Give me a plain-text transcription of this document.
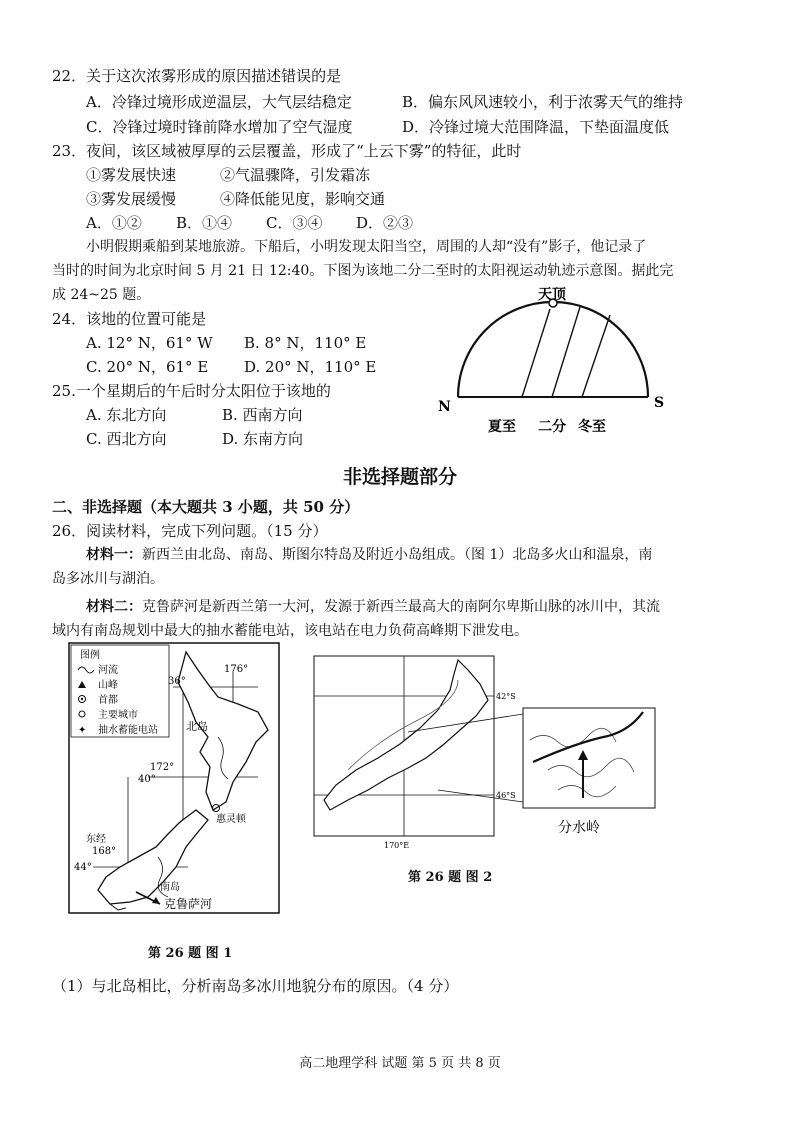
22．关于这次浓雾形成的原因描述错误的是
A．冷锋过境形成逆温层，大气层结稳定	B．偏东风风速较小，利于浓雾天气的维持
C．冷锋过境时锋前降水增加了空气湿度	D．冷锋过境大范围降温，下垫面温度低
23．夜间，该区域被厚厚的云层覆盖，形成了“上云下雾”的特征，此时
①雾发展快速	②气温骤降，引发霜冻
③雾发展缓慢	④降低能见度，影响交通
A．①② B．①④ C．③④ D．②③
小明假期乘船到某地旅游。下船后，小明发现太阳当空，周围的人却“没有”影子，他记录了
当时的时间为北京时间 5 月 21 日 12:40。下图为该地二分二至时的太阳视运动轨迹示意图。据此完
成 24~25 题。
24．该地的位置可能是
A. 12° N，61° W B. 8° N，110° E
C. 20° N，61° E D. 20° N，110° E
25.一个星期后的午后时分太阳位于该地的
A. 东北方向	B. 西南方向
C. 西北方向	D. 东南方向
天顶
N	S
夏至 二分 冬至
非选择题部分
二、非选择题（本大题共 3 小题，共 50 分）
26．阅读材料，完成下列问题。（15 分）
材料一：新西兰由北岛、南岛、斯图尔特岛及附近小岛组成。（图 1）北岛多火山和温泉，南
岛多冰川与湖泊。
材料二：克鲁萨河是新西兰第一大河，发源于新西兰最高大的南阿尔卑斯山脉的冰川中，其流
域内有南岛规划中最大的抽水蓄能电站，该电站在电力负荷高峰期下泄发电。
图例
河流
山峰
首都
主要城市
✦ 抽水蓄能电站
36°
176°
北岛
172°
40°
惠灵顿
东经
168°
44°
南岛
克鲁萨河
第 26 题 图 1
42°S
46°S
170°E
分水岭
第 26 题 图 2
（1）与北岛相比，分析南岛多冰川地貌分布的原因。（4 分）
高二地理学科 试题 第 5 页 共 8 页
